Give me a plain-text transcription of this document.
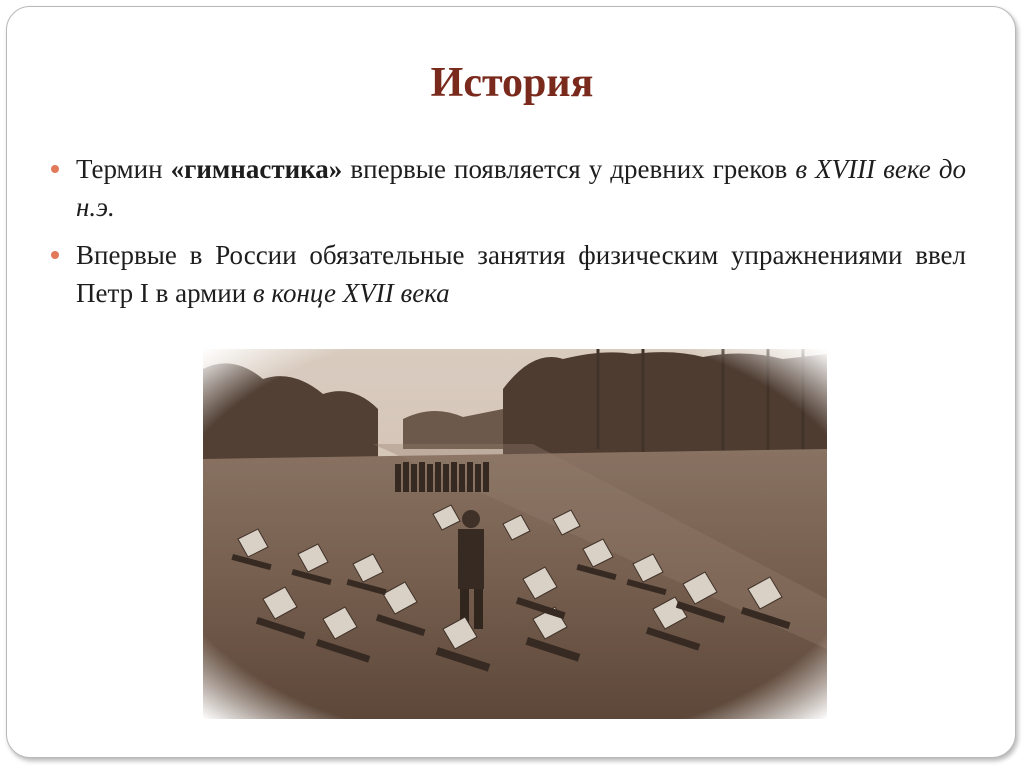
История
Термин «гимнастика» впервые появляется у древних греков в XVIII веке до н.э.
Впервые в России обязательные занятия физическим упражнениями ввел Петр I в армии в конце XVII века
